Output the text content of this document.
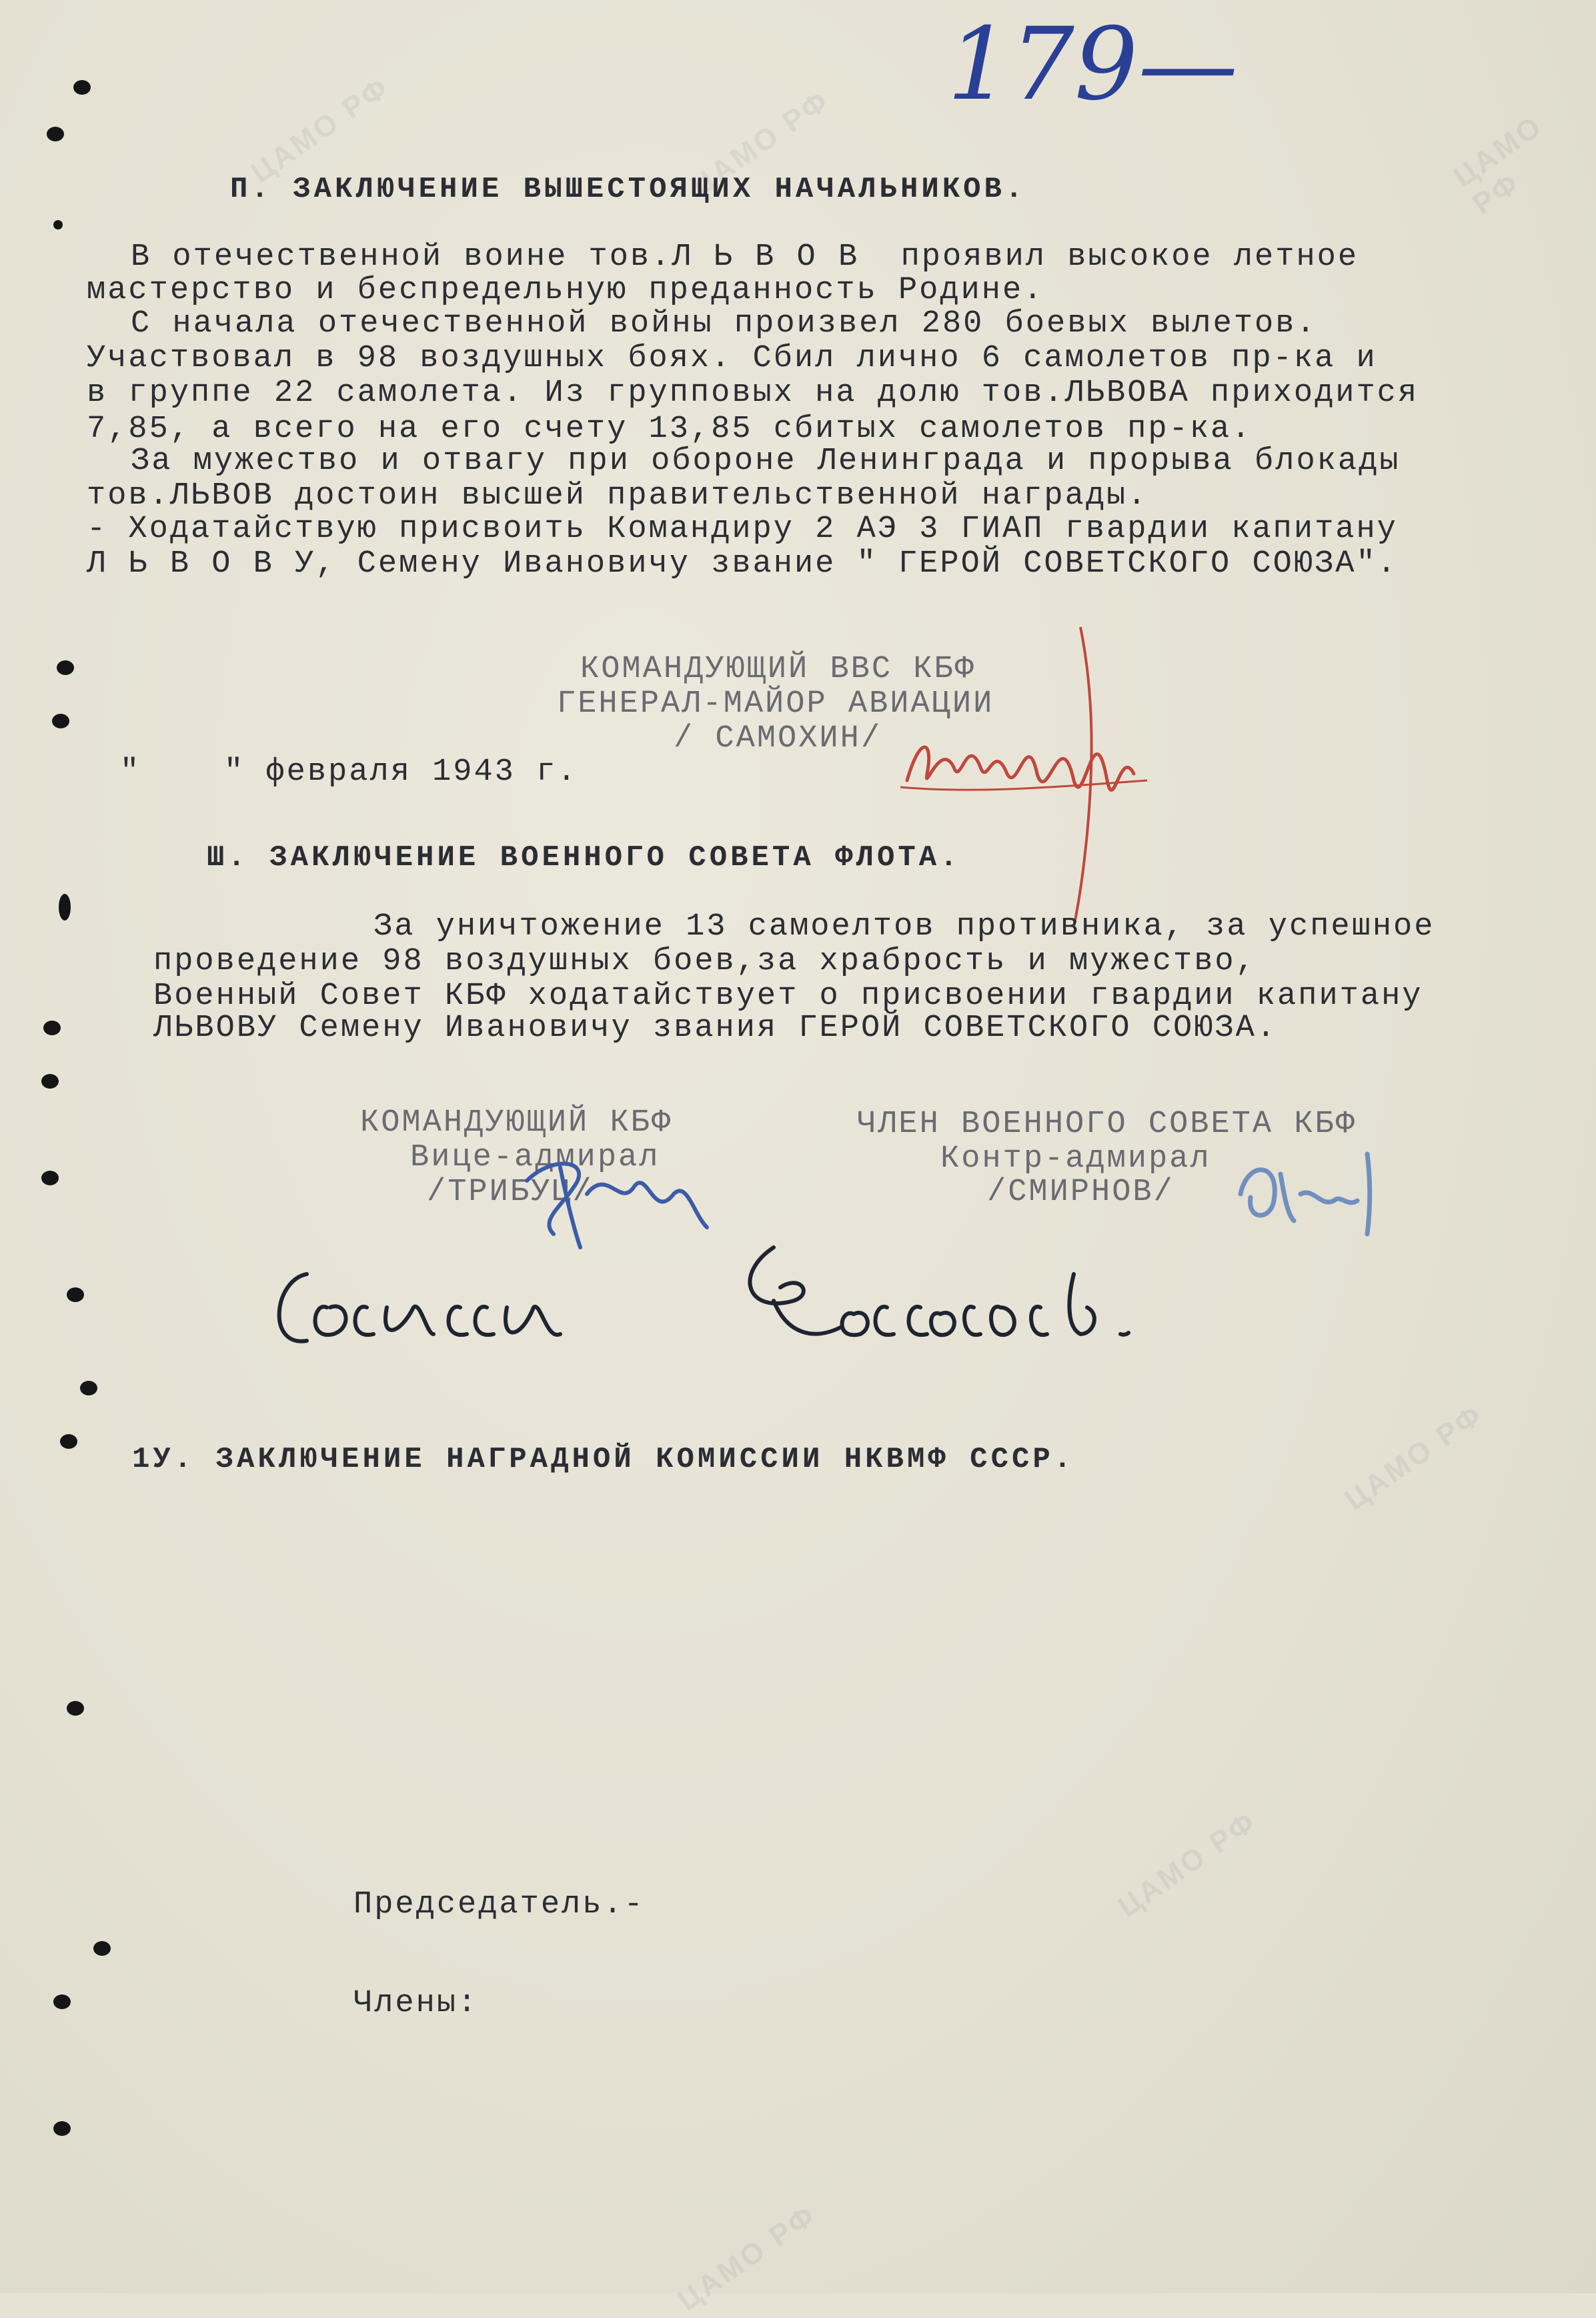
ЦАМО РФ	ЦАМО РФ	ЦАМО РФ
ЦАМО РФ
ЦАМО РФ
ЦАМО РФ
179—
П. ЗАКЛЮЧЕНИЕ ВЫШЕСТОЯЩИХ НАЧАЛЬНИКОВ.
В отечественной воине тов.Л Ь В О В  проявил высокое летное
мастерство и беспредельную преданность Родине.
С начала отечественной войны произвел 280 боевых вылетов.
Участвовал в 98 воздушных боях. Сбил лично 6 самолетов пр-ка и
в группе 22 самолета. Из групповых на долю тов.ЛЬВОВА приходится
7,85, а всего на его счету 13,85 сбитых самолетов пр-ка.
За мужество и отвагу при обороне Ленинграда и прорыва блокады
тов.ЛЬВОВ достоин высшей правительственной награды.
- Ходатайствую присвоить Командиру 2 АЭ 3 ГИАП гвардии капитану
Л Ь В О В У, Семену Ивановичу звание " ГЕРОЙ СОВЕТСКОГО СОЮЗА".
КОМАНДУЮЩИЙ ВВС КБФ
ГЕНЕРАЛ-МАЙОР АВИАЦИИ
/ САМОХИН/
"    " февраля 1943 г.
Ш. ЗАКЛЮЧЕНИЕ ВОЕННОГО СОВЕТА ФЛОТА.
За уничтожение 13 самоелтов противника, за успешное
проведение 98 воздушных боев,за храбрость и мужество,
Военный Совет КБФ ходатайствует о присвоении гвардии капитану
ЛЬВОВУ Семену Ивановичу звания ГЕРОЙ СОВЕТСКОГО СОЮЗА.
КОМАНДУЮЩИЙ КБФ
Вице-адмирал
/ТРИБУЦ/
ЧЛЕН ВОЕННОГО СОВЕТА КБФ
Контр-адмирал
/СМИРНОВ/
1У. ЗАКЛЮЧЕНИЕ НАГРАДНОЙ КОМИССИИ НКВМФ СССР.
Председатель.-
Члены:
